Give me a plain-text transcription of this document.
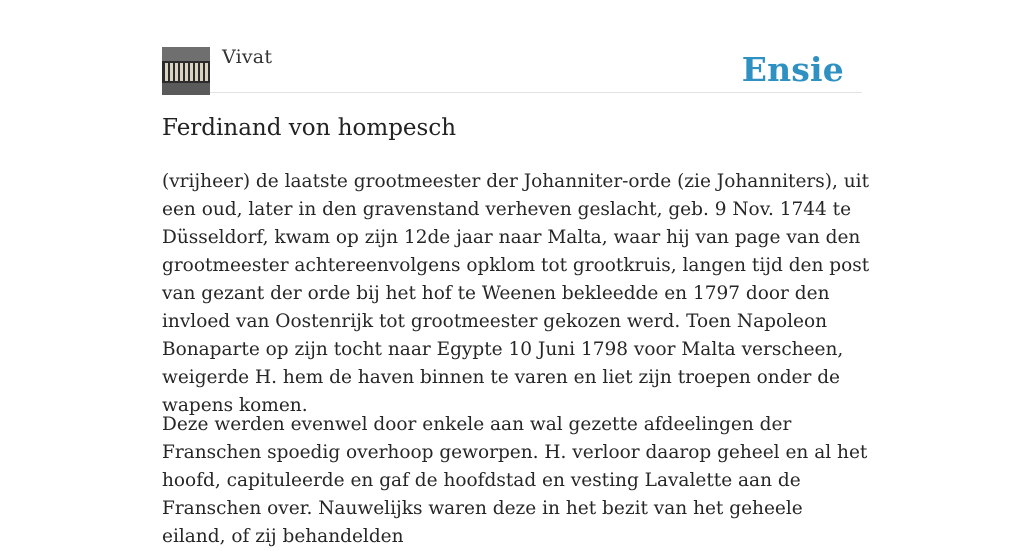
Vivat	Ensie
Ferdinand von hompesch

(vrijheer) de laatste grootmeester der Johanniter-orde (zie Johanniters), uit een oud, later in den gravenstand verheven geslacht, geb. 9 Nov. 1744 te Düsseldorf, kwam op zijn 12de jaar naar Malta, waar hij van page van den grootmeester achtereenvolgens opklom tot grootkruis, langen tijd den post van gezant der orde bij het hof te Weenen bekleedde en 1797 door den invloed van Oostenrijk tot grootmeester gekozen werd. Toen Napoleon Bonaparte op zijn tocht naar Egypte 10 Juni 1798 voor Malta verscheen, weigerde H. hem de haven binnen te varen en liet zijn troepen onder de wapens komen.

Deze werden evenwel door enkele aan wal gezette afdeelingen der Franschen spoedig overhoop geworpen. H. verloor daarop geheel en al het hoofd, capituleerde en gaf de hoofdstad en vesting Lavalette aan de Franschen over. Nauwelijks waren deze in het bezit van het geheele eiland, of zij behandelden
